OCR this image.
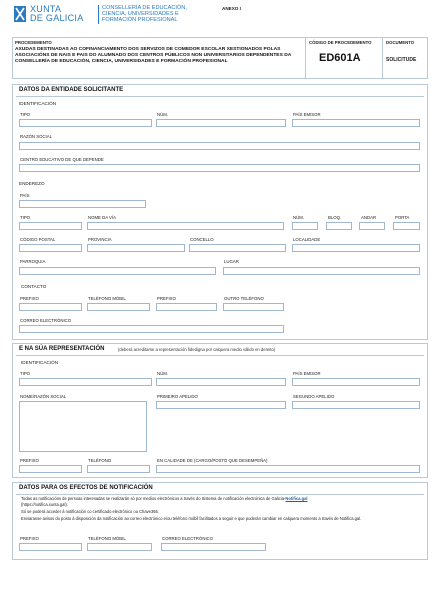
XUNTA
DE GALICIA
CONSELLERÍA DE EDUCACIÓN,
CIENCIA, UNIVERSIDADES E
FORMACIÓN PROFESIONAL
ANEXO I
PROCEDEMENTO
AXUDAS DESTINADAS AO COFINANCIAMENTO DOS SERVIZOS DE COMEDOR ESCOLAR XESTIONADOS POLAS ASOCIACIÓNS DE NAIS E PAIS DO ALUMNADO DOS CENTROS PÚBLICOS NON UNIVERSITARIOS DEPENDENTES DA CONSELLERÍA DE EDUCACIÓN, CIENCIA, UNIVERSIDADES E FORMACIÓN PROFESIONAL
CÓDIGO DE PROCEDEMENTO
ED601A
DOCUMENTO
SOLICITUDE
DATOS DA ENTIDADE SOLICITANTE
IDENTIFICACIÓN
TIPO	NÚM.	PAÍS EMISOR
RAZÓN SOCIAL
CENTRO EDUCATIVO DE QUE DEPENDE
ENDEREZO
PAÍS
TIPO	NOME DA VÍA	NÚM.	BLOQ.	ANDAR	PORTA
CÓDIGO POSTAL	PROVINCIA	CONCELLO	LOCALIDADE
PARROQUIA	LUGAR
CONTACTO
PREFIXO	TELÉFONO MÓBIL	PREFIXO	OUTRO TELÉFONO
CORREO ELECTRÓNICO
E NA SÚA REPRESENTACIÓN	(deberá acreditarse a representación fidedigna por calquera medio válido en dereito)
IDENTIFICACIÓN
TIPO	NÚM.	PAÍS EMISOR
NOME/RAZÓN SOCIAL	PRIMEIRO APELIDO	SEGUNDO APELIDO
PREFIXO	TELÉFONO	EN CALIDADE DE (CARGO/POSTO QUE DESEMPEÑA)
DATOS PARA OS EFECTOS DE NOTIFICACIÓN
Todas as notificacións de persoas interesadas se realizarán só por medios electrónicos a través do Sistema de notificación electrónica de Galicia-Notifica.gal
(https://notifica.xunta.gal).
Só se poderá acceder á notificación co certificado electrónico ou Chave365.
Enviaranse avisos do posto á disposición da notificación ao correo electrónico e/ou teléfono móbil facilitados a seguir e que poderán cambiar en calquera momento a través de Notifica.gal.
PREFIXO	TELÉFONO MÓBIL	CORREO ELECTRÓNICO
